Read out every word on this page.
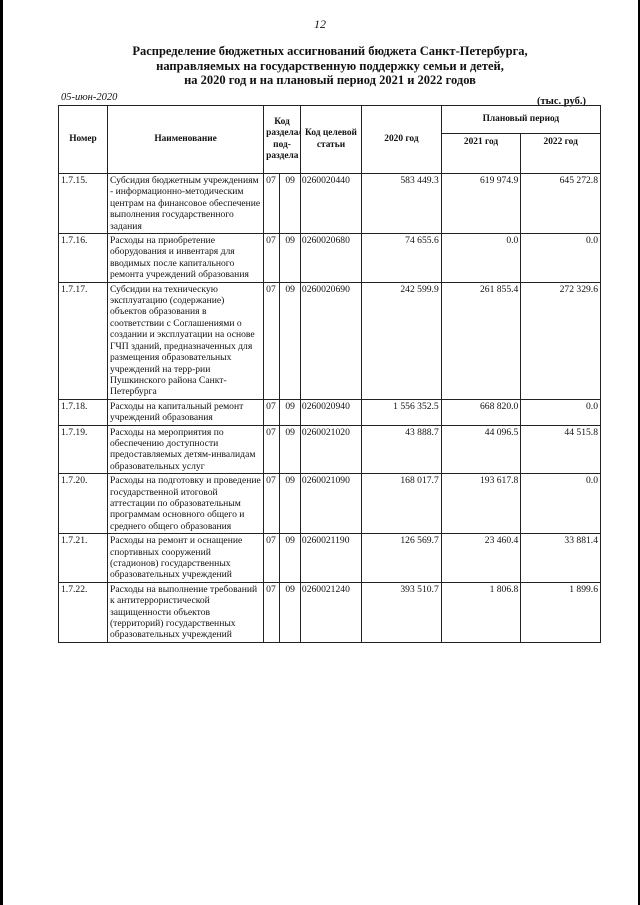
12
Распределение бюджетных ассигнований бюджета Санкт-Петербурга,
направляемых на государственную поддержку семьи и детей,
на 2020 год и на плановый период 2021 и 2022 годов
05-июн-2020	(тыс. руб.)
Номер	Наименование	Код раздела/ под- раздела		Код целевой статьи	2020 год	Плановый период	
						2021 год	2022 год
1.7.15.	Субсидия бюджетным учреждениям - информационно-методическим центрам на финансовое обеспечение выполнения государственного задания	07	09	0260020440	583 449.3	619 974.9	645 272.8
1.7.16.	Расходы на приобретение оборудования и инвентаря для вводимых после капитального ремонта учреждений образования	07	09	0260020680	74 655.6	0.0	0.0
1.7.17.	Субсидии на техническую эксплуатацию (содержание) объектов образования в соответствии с Соглашениями о создании и эксплуатации на основе ГЧП зданий, предназначенных для размещения образовательных учреждений на терр-рии Пушкинского района Санкт-Петербурга	07	09	0260020690	242 599.9	261 855.4	272 329.6
1.7.18.	Расходы на капитальный ремонт учреждений образования	07	09	0260020940	1 556 352.5	668 820.0	0.0
1.7.19.	Расходы на мероприятия по обеспечению доступности предоставляемых детям-инвалидам образовательных услуг	07	09	0260021020	43 888.7	44 096.5	44 515.8
1.7.20.	Расходы на подготовку и проведение государственной итоговой аттестации по образовательным программам основного общего и среднего общего образования	07	09	0260021090	168 017.7	193 617.8	0.0
1.7.21.	Расходы на ремонт и оснащение спортивных сооружений (стадионов) государственных образовательных учреждений	07	09	0260021190	126 569.7	23 460.4	33 881.4
1.7.22.	Расходы на выполнение требований к антитеррористической защищенности объектов (территорий) государственных образовательных учреждений	07	09	0260021240	393 510.7	1 806.8	1 899.6
